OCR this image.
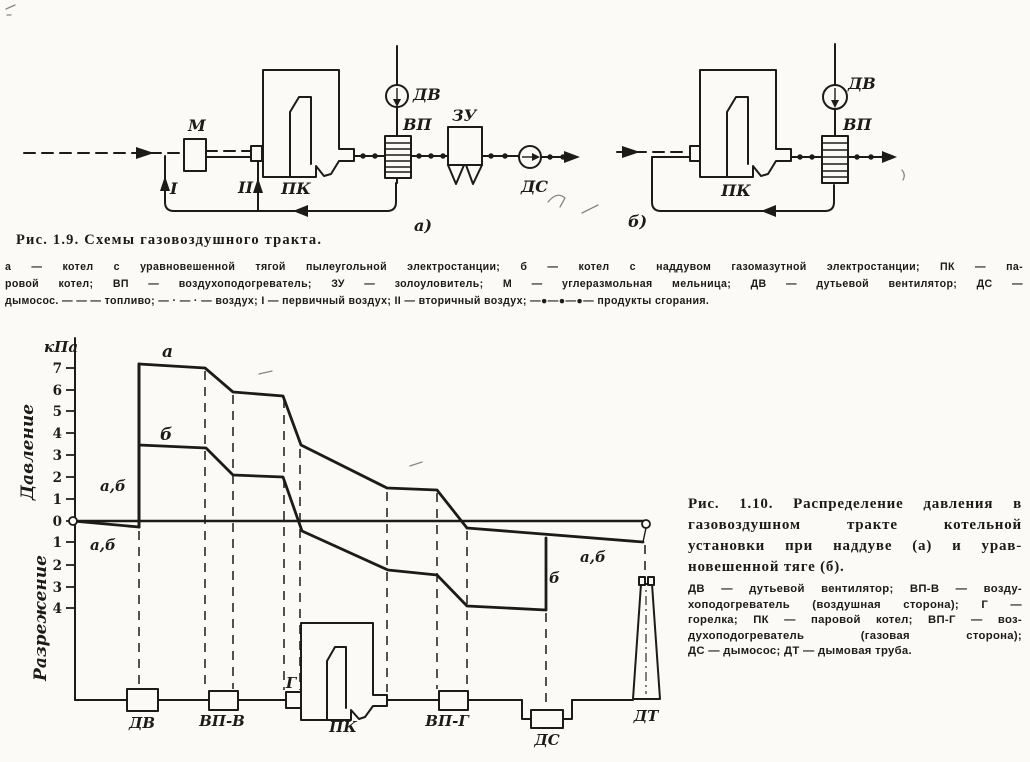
М
ПК
ВП
ДВ
ЗУ
ДС
I	II
а)
ПК
ВП
ДВ
б)
7
6
5
4
3
2
1
0
1
2
3
4
кПа
Давление
Разрежение
а
б
а,б
а,б
а,б
б
ДВ	ВП-В
Г
ПК	ВП-Г
ДС
ДТ
Рис. 1.9. Схемы газовоздушного тракта.
а — котел с уравновешенной тягой пылеугольной электростанции; б — котел с наддувом газомазутной электростанции; ПК — па-
ровой котел; ВП — воздухоподогреватель; ЗУ — золоуловитель; М — углеразмольная мельница; ДВ — дутьевой вентилятор; ДС —
дымосос. — — — топливо; — · — · — воздух; I — первичный воздух; II — вторичный воздух; —●—●—●— продукты сгорания.
Рис. 1.10. Распределение давления в
газовоздушном тракте котельной
установки при наддуве (а) и урав-
новешенной тяге (б).
ДВ — дутьевой вентилятор; ВП-В — возду-
хоподогреватель (воздушная сторона); Г —
горелка; ПК — паровой котел; ВП-Г — воз-
духоподогреватель (газовая сторона);
ДС — дымосос; ДТ — дымовая труба.
